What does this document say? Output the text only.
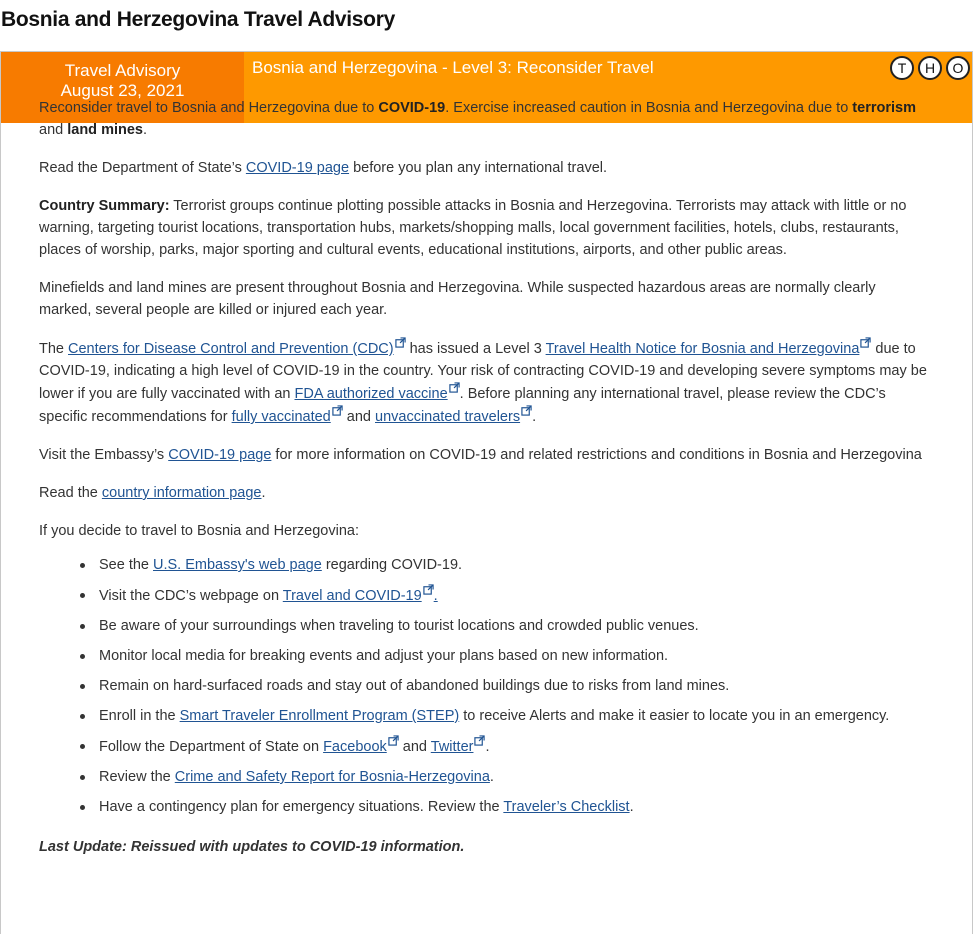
Bosnia and Herzegovina Travel Advisory
Travel Advisory
August 23, 2021
Bosnia and Herzegovina - Level 3: Reconsider Travel	T	H	O

Reconsider travel to Bosnia and Herzegovina due to COVID-19. Exercise increased caution in Bosnia and Herzegovina due to terrorism and land mines.

Read the Department of State’s COVID-19 page before you plan any international travel.

Country Summary: Terrorist groups continue plotting possible attacks in Bosnia and Herzegovina. Terrorists may attack with little or no warning, targeting tourist locations, transportation hubs, markets/shopping malls, local government facilities, hotels, clubs, restaurants, places of worship, parks, major sporting and cultural events, educational institutions, airports, and other public areas.

Minefields and land mines are present throughout Bosnia and Herzegovina. While suspected hazardous areas are normally clearly marked, several people are killed or injured each year.

The Centers for Disease Control and Prevention (CDC) has issued a Level 3 Travel Health Notice for Bosnia and Herzegovina due to COVID-19, indicating a high level of COVID-19 in the country. Your risk of contracting COVID-19 and developing severe symptoms may be lower if you are fully vaccinated with an FDA authorized vaccine . Before planning any international travel, please review the CDC’s specific recommendations for fully vaccinated and unvaccinated travelers .

Visit the Embassy’s COVID-19 page for more information on COVID-19 and related restrictions and conditions in Bosnia and Herzegovina

Read the country information page.

If you decide to travel to Bosnia and Herzegovina:

See the U.S. Embassy's web page regarding COVID-19.
Visit the CDC’s webpage on Travel and COVID-19 .
Be aware of your surroundings when traveling to tourist locations and crowded public venues.
Monitor local media for breaking events and adjust your plans based on new information.
Remain on hard-surfaced roads and stay out of abandoned buildings due to risks from land mines.
Enroll in the Smart Traveler Enrollment Program (STEP) to receive Alerts and make it easier to locate you in an emergency.
Follow the Department of State on Facebook and Twitter .
Review the Crime and Safety Report for Bosnia-Herzegovina.
Have a contingency plan for emergency situations. Review the Traveler’s Checklist.

Last Update: Reissued with updates to COVID-19 information.
